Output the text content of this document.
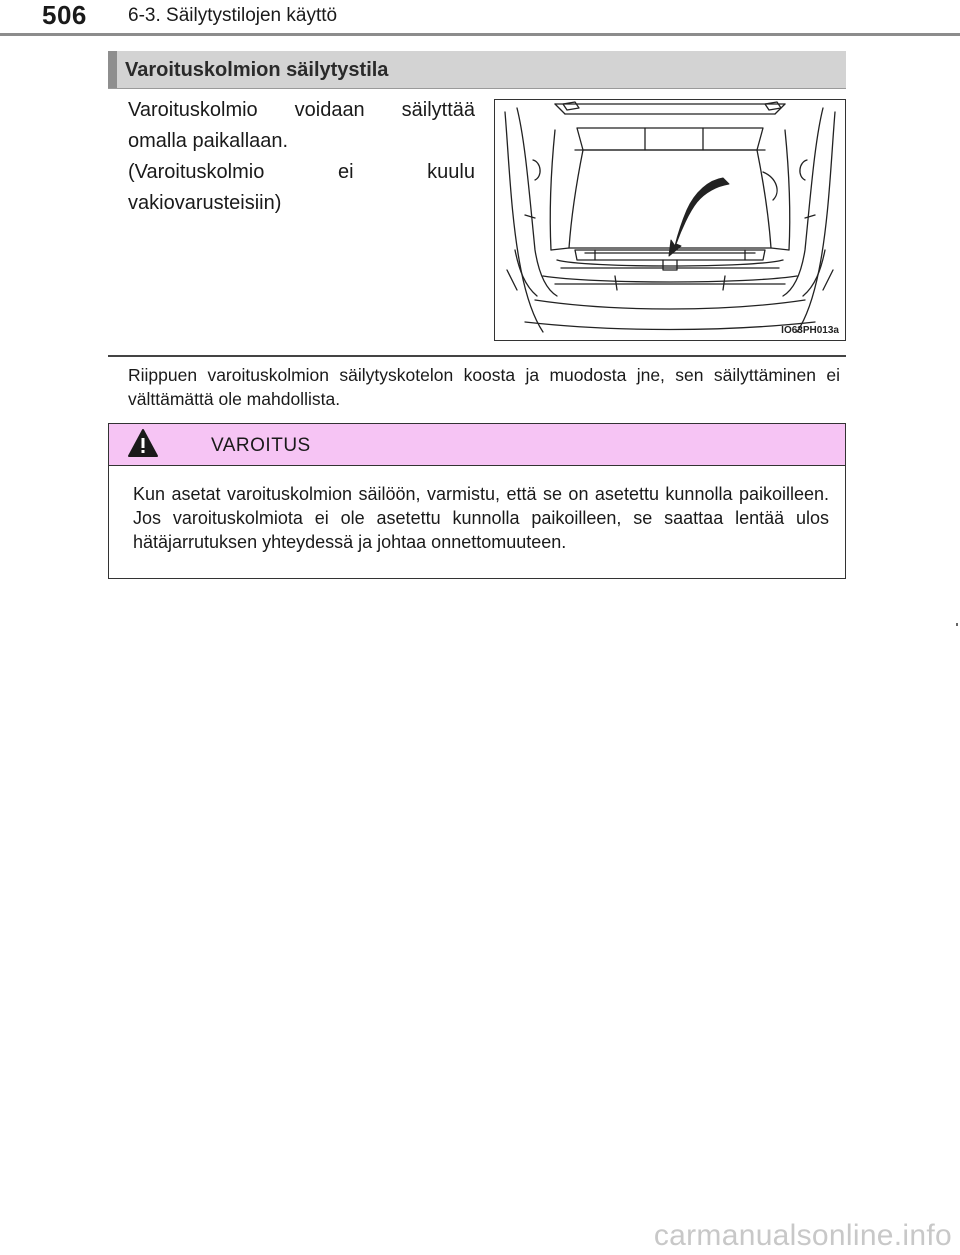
506 6-3. Säilytystilojen käyttö
Varoituskolmion säilytystila

Varoituskolmio voidaan säilyttää omalla paikallaan.

(Varoituskolmio ei kuulu vakiovarusteisiin)

IO63PH013a

Riippuen varoituskolmion säilytyskotelon koosta ja muodosta jne, sen säilyttäminen ei välttämättä ole mahdollista.

VAROITUS
Kun asetat varoituskolmion säilöön, varmistu, että se on asetettu kunnolla paikoilleen. Jos varoituskolmiota ei ole asetettu kunnolla paikoilleen, se saattaa lentää ulos hätäjarrutuksen yhteydessä ja johtaa onnettomuuteen.
carmanualsonline.info
